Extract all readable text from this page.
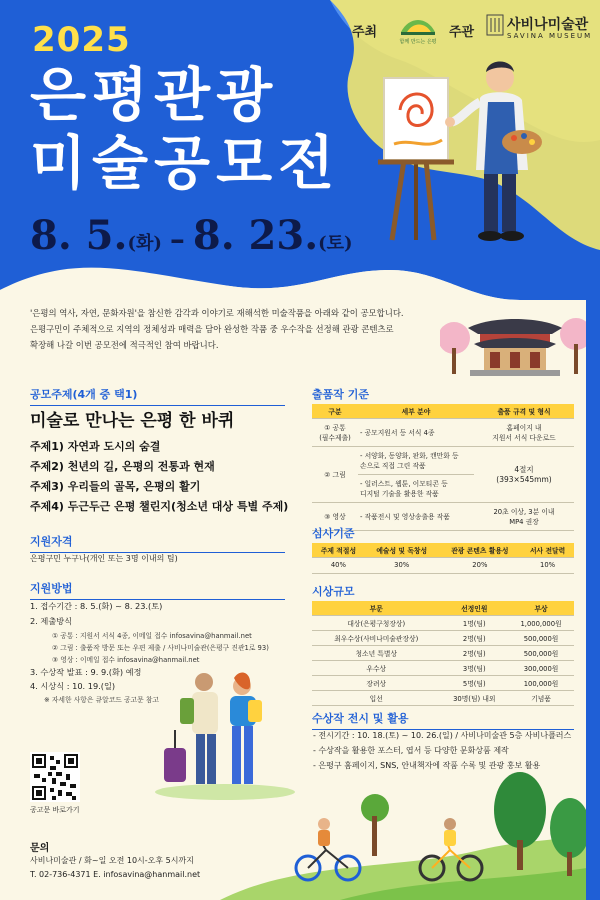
2025
은평관광
미술공모전
8. 5.(화) – 8. 23.(토)
주최
함께 만드는 은평
주관 사비나미술관
SAVINA MUSEUM
'은평의 역사, 자연, 문화자원'을 참신한 감각과 이야기로 재해석한 미술작품을 아래와 같이 공모합니다.
은평구민이 주체적으로 지역의 정체성과 매력을 담아 완성한 작품 중 우수작을 선정해 관광 콘텐츠로
확장해 나갈 이번 공모전에 적극적인 참여 바랍니다.
공모주제(4개 중 택1)
미술로 만나는 은평 한 바퀴
주제1) 자연과 도시의 숨결
주제2) 천년의 길, 은평의 전통과 현재
주제3) 우리들의 골목, 은평의 활기
주제4) 두근두근 은평 챌린지(청소년 대상 특별 주제)
지원자격
은평구민 누구나(개인 또는 3명 이내의 팀)
지원방법
1. 접수기간 : 8. 5.(화) ~ 8. 23.(토)
2. 제출방식
① 공통 : 지원서 서식 4종, 이메일 접수 infosavina@hanmail.net
② 그림 : 출품작 방문 또는 우편 제출 / 사비나미술관(은평구 진관1로 93)
③ 영상 : 이메일 접수 infosavina@hanmail.net
3. 수상작 발표 : 9. 9.(화) 예정
4. 시상식 : 10. 19.(일)
※ 자세한 사항은 큐알코드 공고문 참고
공고문 바로가기
문의
사비나미술관 / 화~일 오전 10시-오후 5시까지
T. 02-736-4371 E. infosavina@hanmail.net
출품작 기준
구분	세부 분야	출품 규격 및 형식
① 공통
(필수제출)	- 공모지원서 등 서식 4종	홈페이지 내
지원서 서식 다운로드
② 그림	- 서양화, 동양화, 판화, 캔만화 등
손으로 직접 그린 작품	4절지
(393×545mm)
	- 일러스트, 웹툰, 이모티콘 등
디지털 기술을 활용한 작품	
③ 영상	- 작품전시 및 영상송출용 작품	20초 이상, 3분 이내
MP4 권장
심사기준
주제 적절성	예술성 및 독창성	관광 콘텐츠 활용성	서사 전달력
40%	30%	20%	10%
시상규모
부문	선정인원	부상
대상(은평구청장상)	1명(팀)	1,000,000원
최우수상(사비나미술관장상)	2명(팀)	500,000원
청소년 특별상	2명(팀)	500,000원
우수상	3명(팀)	300,000원
장려상	5명(팀)	100,000원
입선	30명(팀) 내외	기념품
수상작 전시 및 활용
- 전시기간 : 10. 18.(토) ~ 10. 26.(일) / 사비나미술관 5층 사비나플러스
- 수상작을 활용한 포스터, 엽서 등 다양한 문화상품 제작
- 은평구 홈페이지, SNS, 안내책자에 작품 수록 및 관광 홍보 활용
